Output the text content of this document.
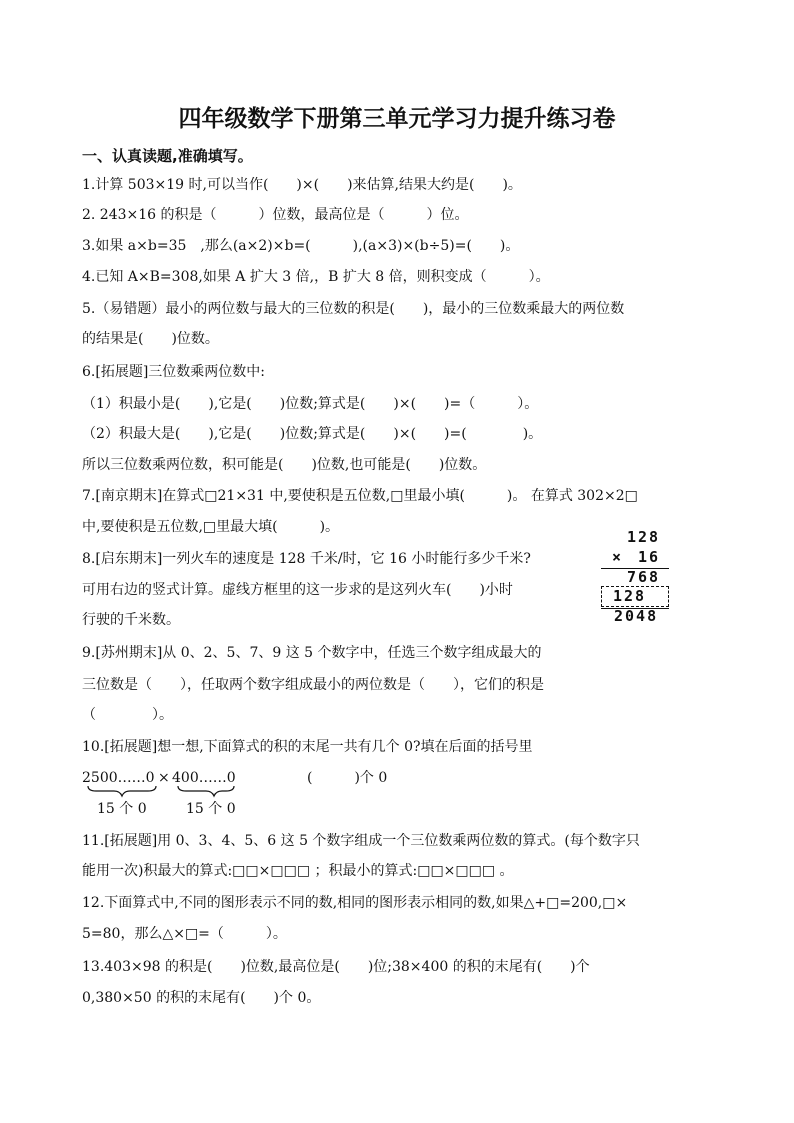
四年级数学下册第三单元学习力提升练习卷
一、认真读题,准确填写。
1.计算 503×19 时,可以当作(　　)×(　　)来估算,结果大约是(　　)。
2. 243×16 的积是（　　　）位数，最高位是（　　　）位。
3.如果 a×b=35　,那么(a×2)×b=(　　　),(a×3)×(b÷5)=(　　)。
4.已知 A×B=308,如果 A 扩大 3 倍,，B 扩大 8 倍，则积变成（　　　）。
5.（易错题）最小的两位数与最大的三位数的积是(　　)，最小的三位数乘最大的两位数
的结果是(　　)位数。
6.[拓展题]三位数乘两位数中:
（1）积最小是(　　),它是(　　)位数;算式是(　　)×(　　)=（　　　）。
（2）积最大是(　　),它是(　　)位数;算式是(　　)×(　　)=(　　　　)。
所以三位数乘两位数，积可能是(　　)位数,也可能是(　　)位数。
7.[南京期末]在算式□21×31 中,要使积是五位数,□里最小填(　　　)。 在算式 302×2□
中,要使积是五位数,□里最大填(　　　)。
8.[启东期末]一列火车的速度是 128 千米/时，它 16 小时能行多少千米?
可用右边的竖式计算。虚线方框里的这一步求的是这列火车(　　)小时
行驶的千米数。
128
× 16
768
128
2048
9.[苏州期末]从 0、2、5、7、9 这 5 个数字中，任选三个数字组成最大的
三位数是（　　），任取两个数字组成最小的两位数是（　　），它们的积是
（　　　　）。
10.[拓展题]想一想,下面算式的积的末尾一共有几个 0?填在后面的括号里
2500……0 × 400……0	(　　　)个 0
15 个 0	15 个 0
11.[拓展题]用 0、3、4、5、6 这 5 个数字组成一个三位数乘两位数的算式。(每个数字只
能用一次)积最大的算式:□□×□□□ ；积最小的算式:□□×□□□ 。
12.下面算式中,不同的图形表示不同的数,相同的图形表示相同的数,如果△+□=200,□×
5=80，那么△×□=（　　　）。
13.403×98 的积是(　　)位数,最高位是(　　)位;38×400 的积的末尾有(　　)个
0,380×50 的积的末尾有(　　)个 0。
